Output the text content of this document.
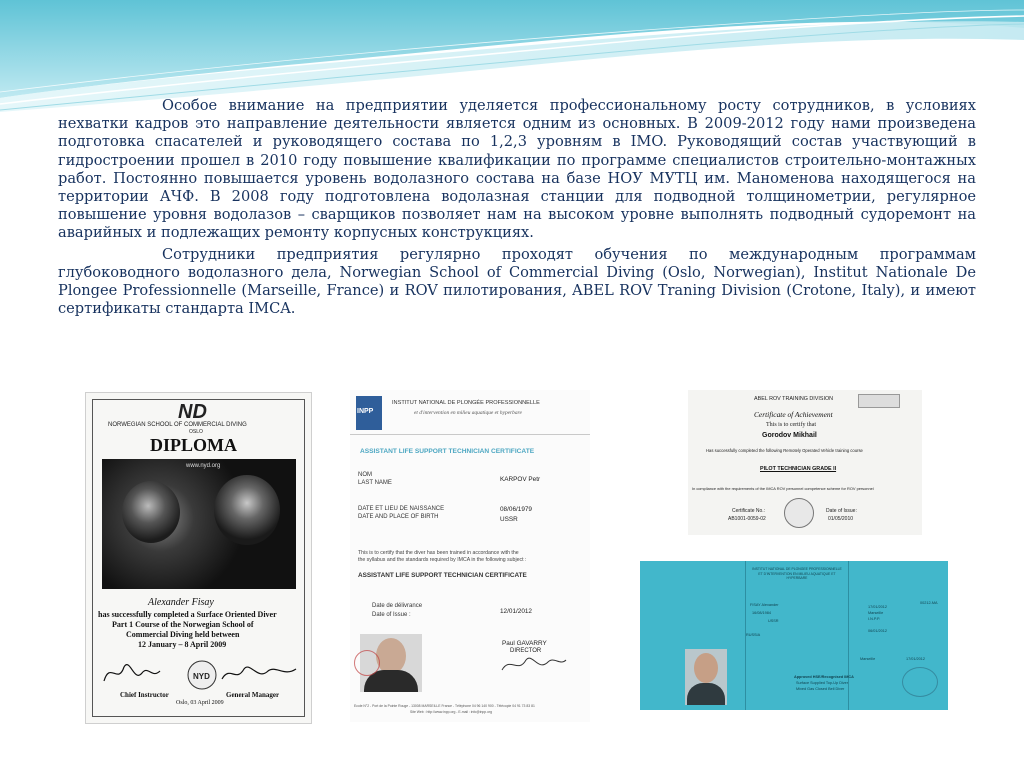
Особое внимание на предприятии уделяется профессиональному росту сотрудников, в условиях нехватки кадров это направление деятельности является одним из основных. В 2009-2012 году нами произведена подготовка спасателей и руководящего состава по 1,2,3 уровням в IMO. Руководящий состав участвующий в гидростроении прошел в 2010 году повышение квалификации по программе специалистов строительно-монтажных работ. Постоянно повышается уровень водолазного состава на базе НОУ МУТЦ им. Маноменова находящегося на территории АЧФ. В 2008 году подготовлена водолазная станции для подводной толщинометрии, регулярное повышение уровня водолазов – сварщиков позволяет нам на высоком уровне выполнять подводный судоремонт на аварийных и подлежащих ремонту корпусных конструкциях.

Сотрудники предприятия регулярно проходят обучения по международным программам глубоководного водолазного дела, Norwegian School of Commercial Diving (Oslo, Norwegian), Institut Nationale De Plongee Professionnelle (Marseille, France) и ROV пилотирования, ABEL ROV Traning Division (Crotone, Italy), и имеют сертификаты стандарта IMCA.

ND
NORWEGIAN SCHOOL OF COMMERCIAL DIVING
OSLO
DIPLOMA
www.nyd.org
Alexander Fisay
has successfully completed a Surface Oriented Diver
Part 1 Course of the Norwegian School of
Commercial Diving held between
12 January – 8 April 2009
NYD
Chief Instructor	General Manager
Oslo, 03 April 2009
INPP
INSTITUT NATIONAL DE PLONGÉE PROFESSIONNELLE
et d'intervention en milieu aquatique et hyperbare
ASSISTANT LIFE SUPPORT TECHNICIAN CERTIFICATE
NOM
LAST NAME	KARPOV Petr
DATE ET LIEU DE NAISSANCE
DATE AND PLACE OF BIRTH
08/06/1979
USSR
This is to certify that the diver has been trained in accordance with the
the syllabus and the standards required by IMCA in the following subject :
ASSISTANT LIFE SUPPORT TECHNICIAN CERTIFICATE
Date de délivrance
Date of Issue :	12/01/2012
Paul GAVARRY
DIRECTOR
Ecole N°2 - Port de la Pointe Rouge - 13008 MARSEILLE France - Téléphone 04 96 140 900 - Télécopie 04 91 73 83 81
Site Web : http://www.inpp.org - E-mail : info@inpp.org
ABEL ROV TRAINING DIVISION
Certificate of Achievement
This is to certify that
Gorodov Mikhail
Has successfully completed the following Remotely Operated Vehicle training course
PILOT TECHNICIAN GRADE II
In compliance with the requirements of the IMCA ROV personnel competence scheme for ROV personnel
Certificate No.:
AB1001-0059-02
Date of Issue:
01/05/2010
INSTITUT NATIONAL DE PLONGEE PROFESSIONNELLE ET D'INTERVENTION EN MILIEU AQUATIQUE ET HYPERBARE
FISAY Alexander
16/08/1984
USSR
RUSSIA
17/01/2012
Marseille
I.N.P.P.
06/01/2012
Approved HSE/Recognised IMCA
Surface Supplied Top-Up Diver
Mixed Gas Closed Bell Diver
00212-MA
Marseille	17/01/2012
